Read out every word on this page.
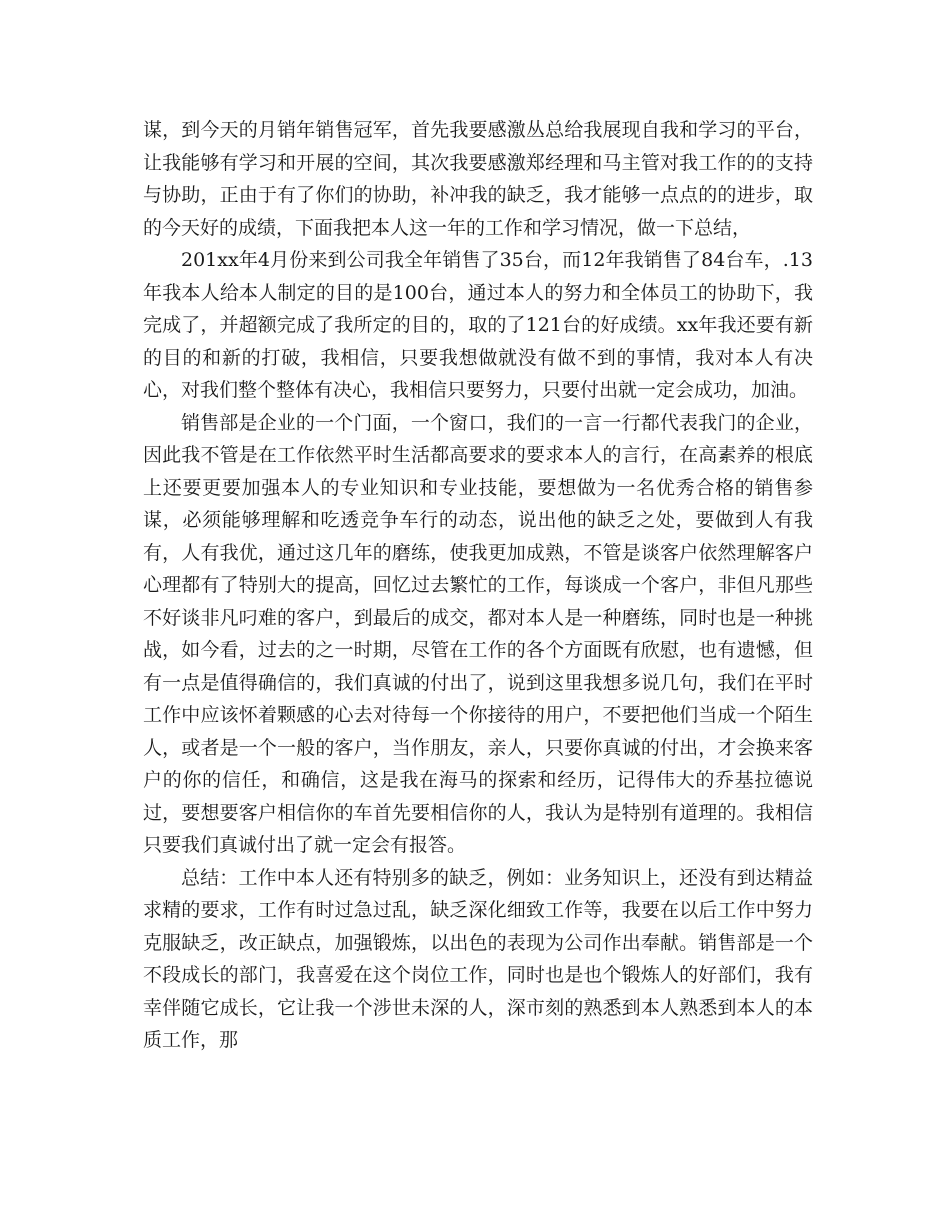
谋，到今天的月销年销售冠军，首先我要感激丛总给我展现自我和学习的平台，让我能够有学习和开展的空间，其次我要感激郑经理和马主管对我工作的的支持与协助，正由于有了你们的协助，补冲我的缺乏，我才能够一点点的的进步，取的今天好的成绩，下面我把本人这一年的工作和学习情况，做一下总结，

201xx年4月份来到公司我全年销售了35台，而12年我销售了84台车，.13年我本人给本人制定的目的是100台，通过本人的努力和全体员工的协助下，我完成了，并超额完成了我所定的目的，取的了121台的好成绩。xx年我还要有新的目的和新的打破，我相信，只要我想做就没有做不到的事情，我对本人有决心，对我们整个整体有决心，我相信只要努力，只要付出就一定会成功，加油。

销售部是企业的一个门面，一个窗口，我们的一言一行都代表我门的企业，因此我不管是在工作依然平时生活都高要求的要求本人的言行，在高素养的根底上还要更要加强本人的专业知识和专业技能，要想做为一名优秀合格的销售参谋，必须能够理解和吃透竞争车行的动态，说出他的缺乏之处，要做到人有我有，人有我优，通过这几年的磨练，使我更加成熟，不管是谈客户依然理解客户心理都有了特别大的提高，回忆过去繁忙的工作，每谈成一个客户，非但凡那些不好谈非凡叼难的客户，到最后的成交，都对本人是一种磨练，同时也是一种挑战，如今看，过去的之一时期，尽管在工作的各个方面既有欣慰，也有遗憾，但有一点是值得确信的，我们真诚的付出了，说到这里我想多说几句，我们在平时工作中应该怀着颗感的心去对待每一个你接待的用户，不要把他们当成一个陌生人，或者是一个一般的客户，当作朋友，亲人，只要你真诚的付出，才会换来客户的你的信任，和确信，这是我在海马的探索和经历，记得伟大的乔基拉德说过，要想要客户相信你的车首先要相信你的人，我认为是特别有道理的。我相信只要我们真诚付出了就一定会有报答。

总结：工作中本人还有特别多的缺乏，例如：业务知识上，还没有到达精益求精的要求，工作有时过急过乱，缺乏深化细致工作等，我要在以后工作中努力克服缺乏，改正缺点，加强锻炼，以出色的表现为公司作出奉献。销售部是一个不段成长的部门，我喜爱在这个岗位工作，同时也是也个锻炼人的好部们，我有幸伴随它成长，它让我一个涉世未深的人，深市刻的熟悉到本人熟悉到本人的本质工作，那
